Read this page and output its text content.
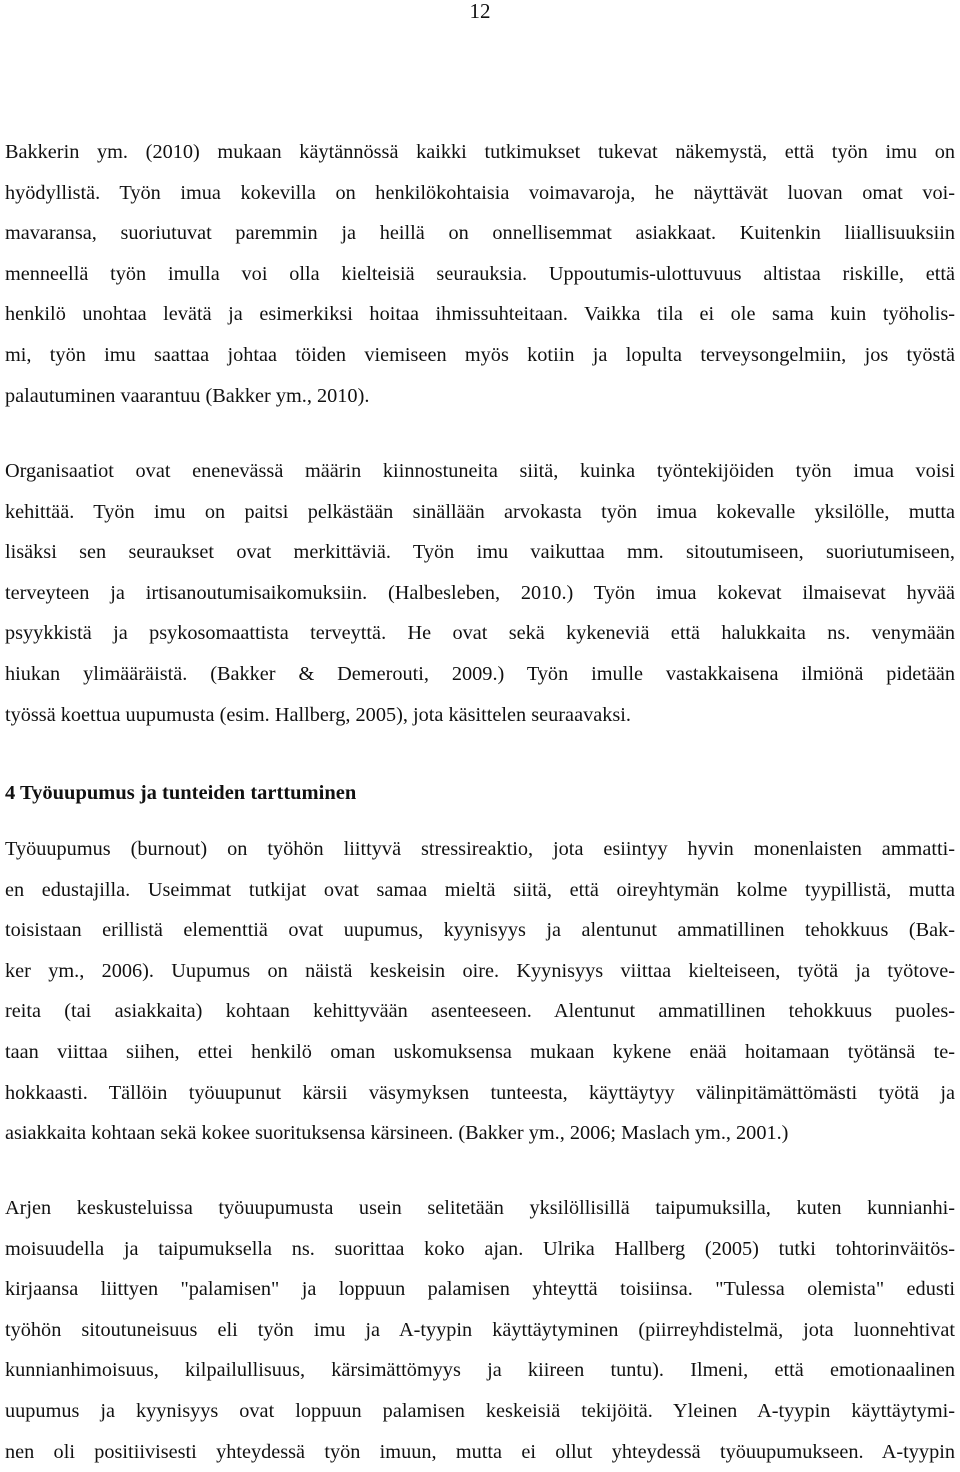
12
Bakkerin ym. (2010) mukaan käytännössä kaikki tutkimukset tukevat näkemystä, että työn imu on
hyödyllistä. Työn imua kokevilla on henkilökohtaisia voimavaroja, he näyttävät luovan omat voi-
mavaransa, suoriutuvat paremmin ja heillä on onnellisemmat asiakkaat. Kuitenkin liiallisuuksiin
menneellä työn imulla voi olla kielteisiä seurauksia. Uppoutumis-ulottuvuus altistaa riskille, että
henkilö unohtaa levätä ja esimerkiksi hoitaa ihmissuhteitaan. Vaikka tila ei ole sama kuin työholis-
mi, työn imu saattaa johtaa töiden viemiseen myös kotiin ja lopulta terveysongelmiin, jos työstä
palautuminen vaarantuu (Bakker ym., 2010).
Organisaatiot ovat enenevässä määrin kiinnostuneita siitä, kuinka työntekijöiden työn imua voisi
kehittää. Työn imu on paitsi pelkästään sinällään arvokasta työn imua kokevalle yksilölle, mutta
lisäksi sen seuraukset ovat merkittäviä. Työn imu vaikuttaa mm. sitoutumiseen, suoriutumiseen,
terveyteen ja irtisanoutumisaikomuksiin. (Halbesleben, 2010.) Työn imua kokevat ilmaisevat hyvää
psyykkistä ja psykosomaattista terveyttä. He ovat sekä kykeneviä että halukkaita ns. venymään
hiukan ylimääräistä. (Bakker & Demerouti, 2009.) Työn imulle vastakkaisena ilmiönä pidetään
työssä koettua uupumusta (esim. Hallberg, 2005), jota käsittelen seuraavaksi.
4 Työuupumus ja tunteiden tarttuminen
Työuupumus (burnout) on työhön liittyvä stressireaktio, jota esiintyy hyvin monenlaisten ammatti-
en edustajilla. Useimmat tutkijat ovat samaa mieltä siitä, että oireyhtymän kolme tyypillistä, mutta
toisistaan erillistä elementtiä ovat uupumus, kyynisyys ja alentunut ammatillinen tehokkuus (Bak-
ker ym., 2006). Uupumus on näistä keskeisin oire. Kyynisyys viittaa kielteiseen, työtä ja työtove-
reita (tai asiakkaita) kohtaan kehittyvään asenteeseen. Alentunut ammatillinen tehokkuus puoles-
taan viittaa siihen, ettei henkilö oman uskomuksensa mukaan kykene enää hoitamaan työtänsä te-
hokkaasti. Tällöin työuupunut kärsii väsymyksen tunteesta, käyttäytyy välinpitämättömästi työtä ja
asiakkaita kohtaan sekä kokee suorituksensa kärsineen. (Bakker ym., 2006; Maslach ym., 2001.)
Arjen keskusteluissa työuupumusta usein selitetään yksilöllisillä taipumuksilla, kuten kunnianhi-
moisuudella ja taipumuksella ns. suorittaa koko ajan. Ulrika Hallberg (2005) tutki tohtorinväitös-
kirjaansa liittyen "palamisen" ja loppuun palamisen yhteyttä toisiinsa. "Tulessa olemista" edusti
työhön sitoutuneisuus eli työn imu ja A-tyypin käyttäytyminen (piirreyhdistelmä, jota luonnehtivat
kunnianhimoisuus, kilpailullisuus, kärsimättömyys ja kiireen tuntu). Ilmeni, että emotionaalinen
uupumus ja kyynisyys ovat loppuun palamisen keskeisiä tekijöitä. Yleinen A-tyypin käyttäytymi-
nen oli positiivisesti yhteydessä työn imuun, mutta ei ollut yhteydessä työuupumukseen. A-tyypin
